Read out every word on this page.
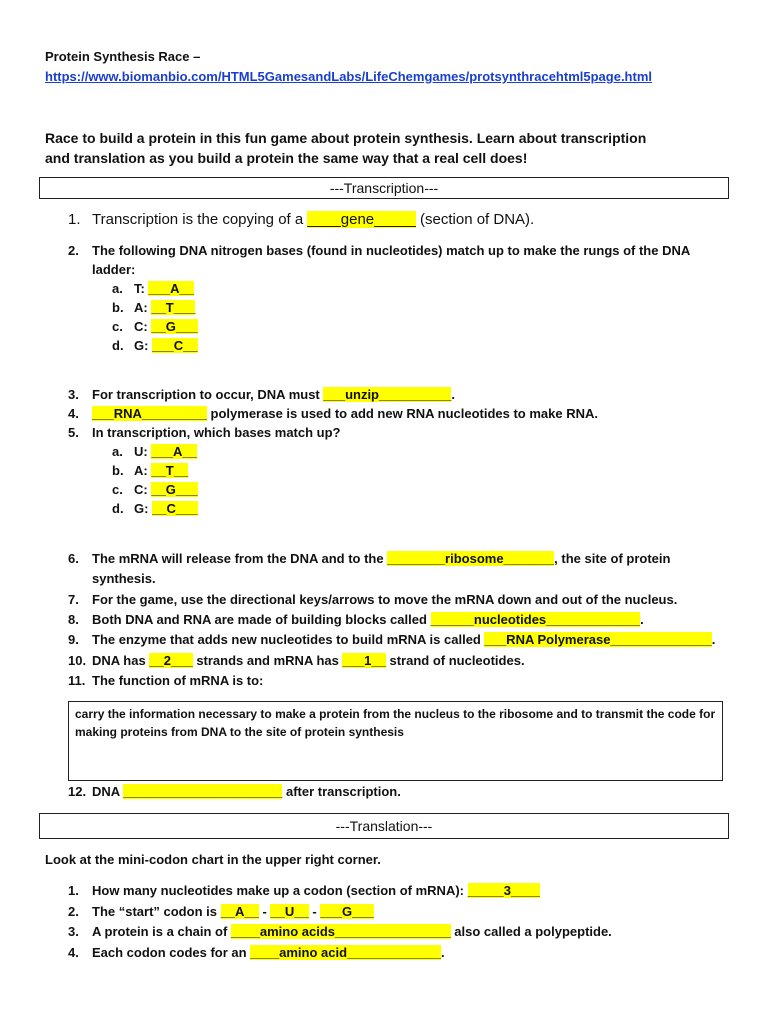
Protein Synthesis Race –
https://www.biomanbio.com/HTML5GamesandLabs/LifeChemgames/protsynthracehtml5page.html
Race to build a protein in this fun game about protein synthesis. Learn about transcription
and translation as you build a protein the same way that a real cell does!
---Transcription---
1. Transcription is the copying of a ____gene_____ (section of DNA).
2. The following DNA nitrogen bases (found in nucleotides) match up to make the rungs of the DNA
ladder:
a. T: ___A__
b. A: __T___
c. C: __G___
d. G: ___C__
3. For transcription to occur, DNA must ___unzip__________.
4. ___RNA_________ polymerase is used to add new RNA nucleotides to make RNA.
5. In transcription, which bases match up?
a. U: ___A__
b. A: __T__
c. C: __G___
d. G: __C___
6. The mRNA will release from the DNA and to the ________ribosome_______, the site of protein
synthesis.
7. For the game, use the directional keys/arrows to move the mRNA down and out of the nucleus.
8. Both DNA and RNA are made of building blocks called ______nucleotides_____________.
9. The enzyme that adds new nucleotides to build mRNA is called ___RNA Polymerase______________.
10. DNA has __2___ strands and mRNA has ___1__ strand of nucleotides.
11. The function of mRNA is to:
carry the information necessary to make a protein from the nucleus to the ribosome and to transmit the code for making proteins from DNA to the site of protein synthesis
12. DNA ______________________ after transcription.
---Translation---
Look at the mini-codon chart in the upper right corner.
1. How many nucleotides make up a codon (section of mRNA): _____3____
2. The “start” codon is __A__ - __U__ - ___G___
3. A protein is a chain of ____amino acids________________ also called a polypeptide.
4. Each codon codes for an ____amino acid_____________.
